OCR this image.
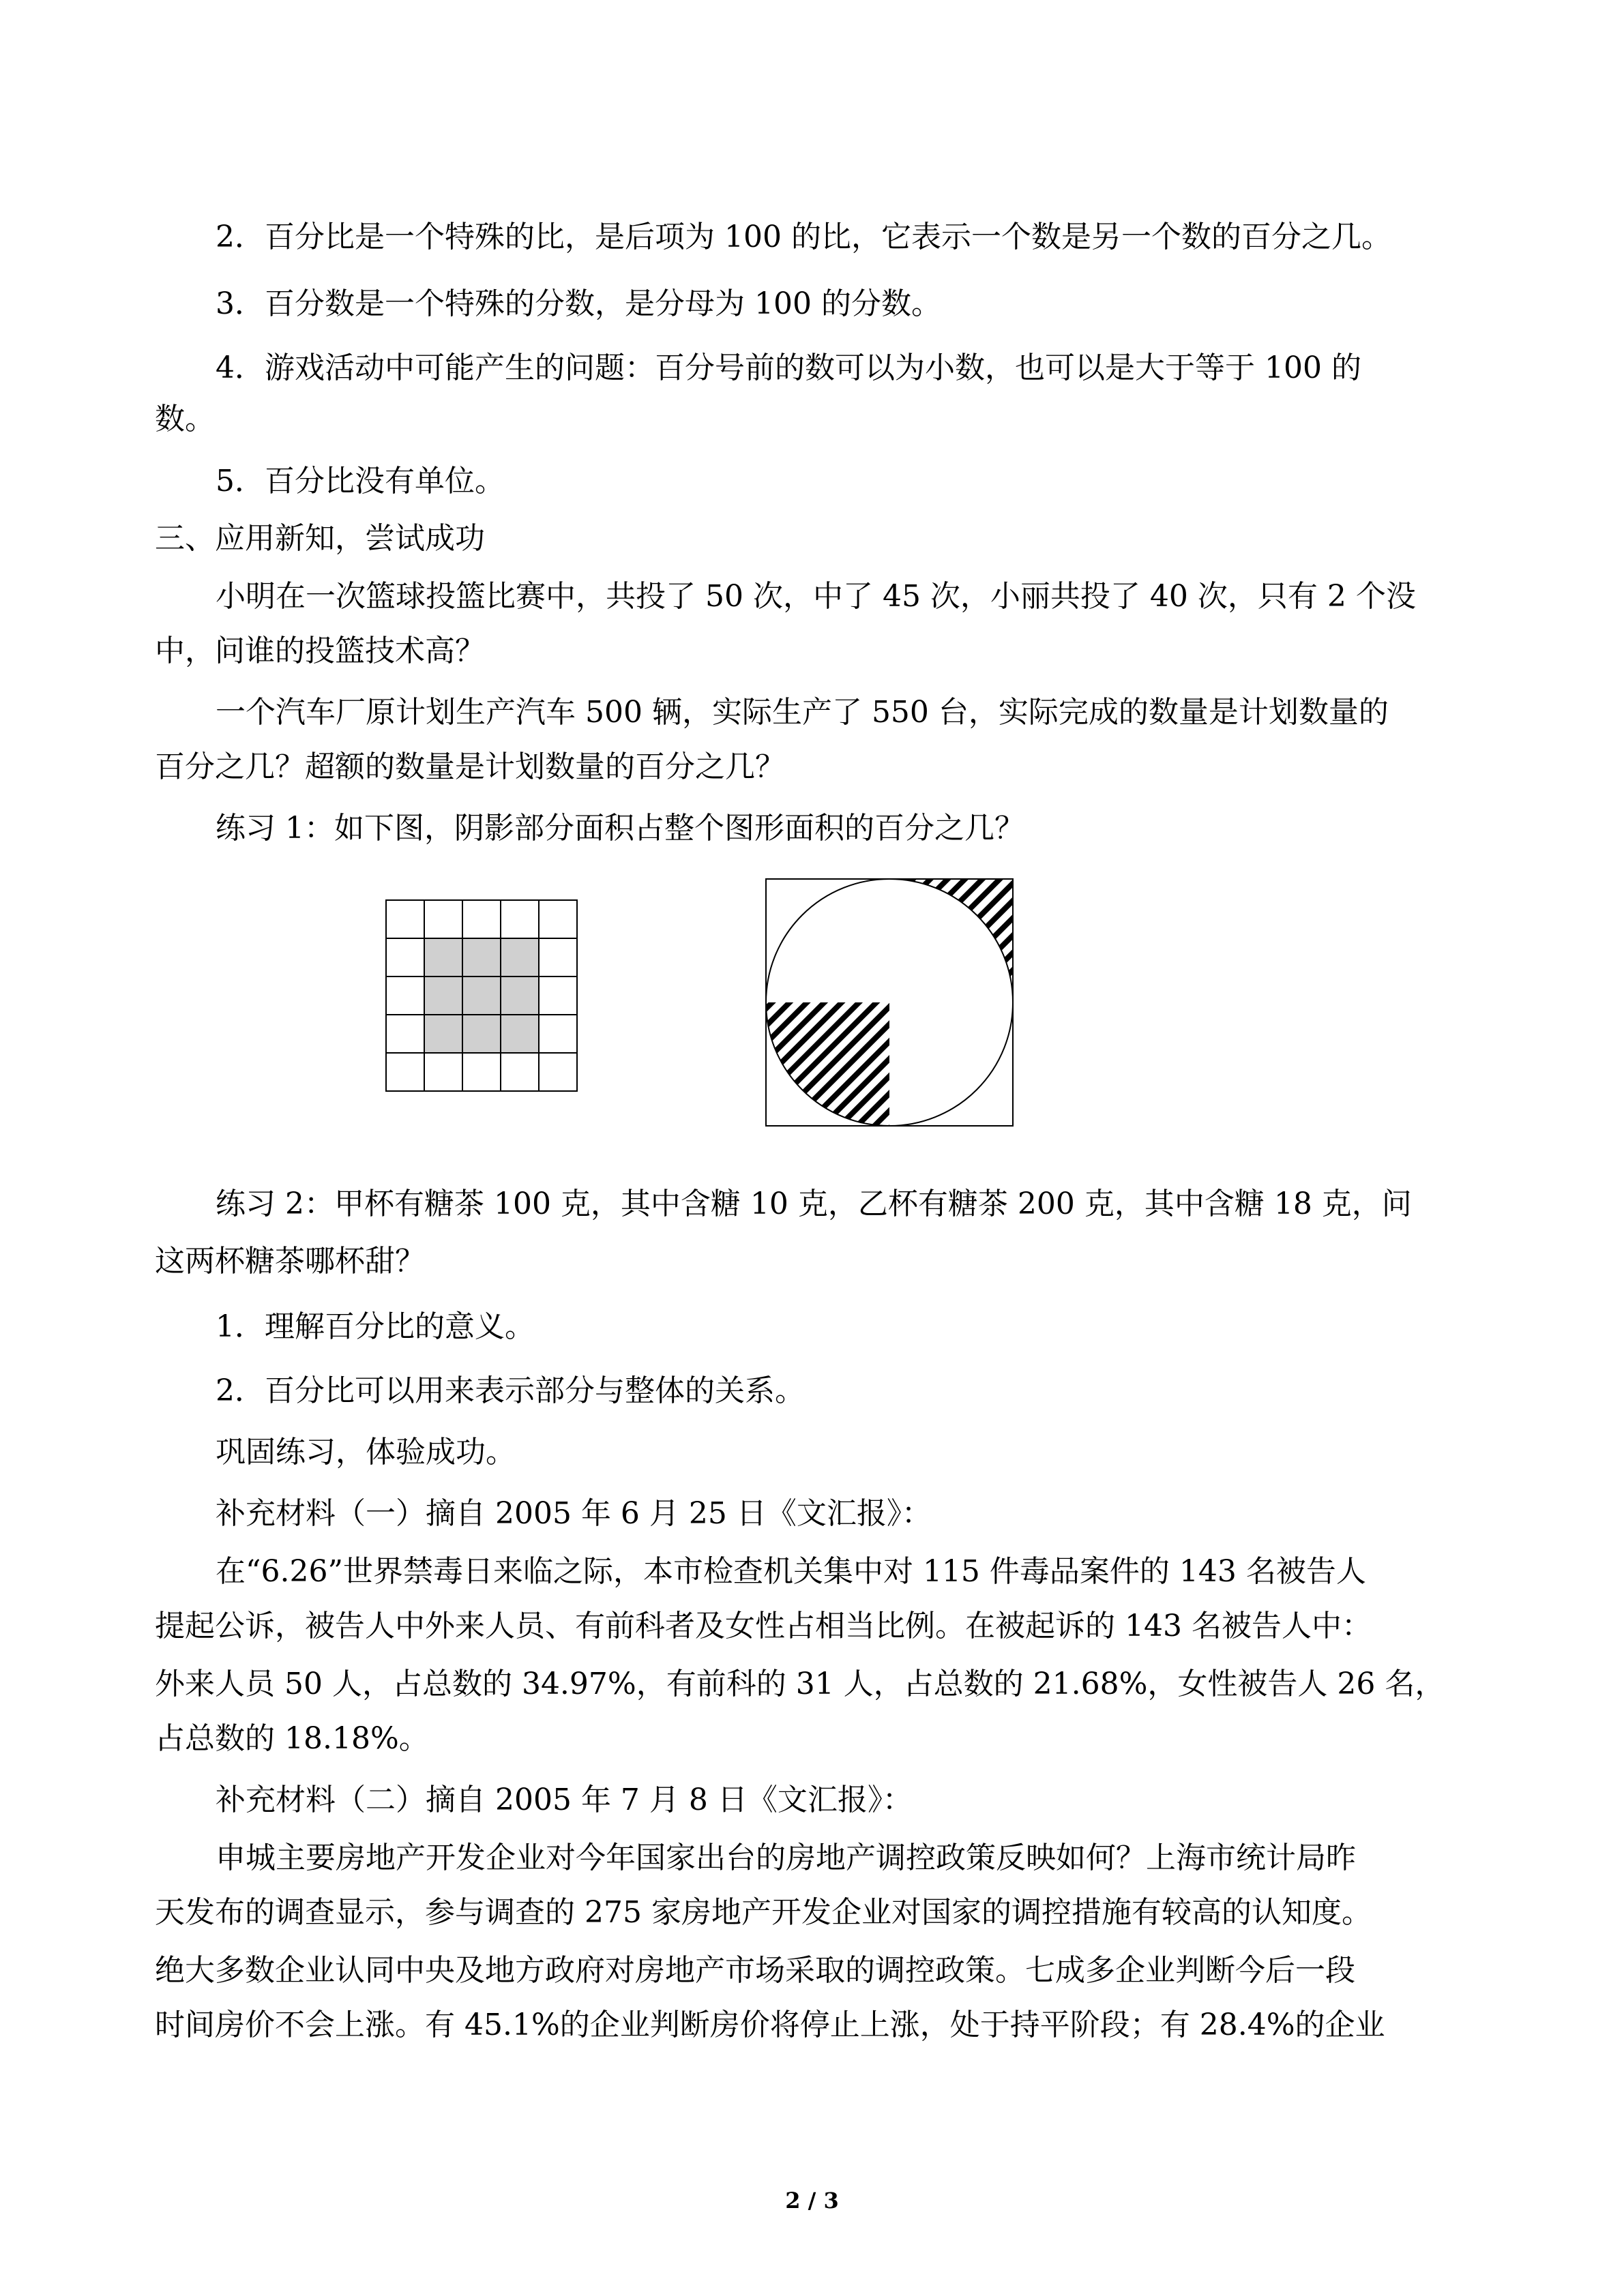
2．百分比是一个特殊的比，是后项为 100 的比，它表示一个数是另一个数的百分之几。
3．百分数是一个特殊的分数，是分母为 100 的分数。
4．游戏活动中可能产生的问题：百分号前的数可以为小数，也可以是大于等于 100 的
数。
5．百分比没有单位。
三、应用新知，尝试成功
小明在一次篮球投篮比赛中，共投了 50 次，中了 45 次，小丽共投了 40 次，只有 2 个没
中，问谁的投篮技术高？
一个汽车厂原计划生产汽车 500 辆，实际生产了 550 台，实际完成的数量是计划数量的
百分之几？超额的数量是计划数量的百分之几？
练习 1：如下图，阴影部分面积占整个图形面积的百分之几？
练习 2：甲杯有糖茶 100 克，其中含糖 10 克，乙杯有糖茶 200 克，其中含糖 18 克，问
这两杯糖茶哪杯甜？
1．理解百分比的意义。
2．百分比可以用来表示部分与整体的关系。
巩固练习，体验成功。
补充材料（一）摘自 2005 年 6 月 25 日《文汇报》：
在“6.26”世界禁毒日来临之际，本市检查机关集中对 115 件毒品案件的 143 名被告人
提起公诉，被告人中外来人员、有前科者及女性占相当比例。在被起诉的 143 名被告人中：
外来人员 50 人，占总数的 34.97%，有前科的 31 人，占总数的 21.68%，女性被告人 26 名，
占总数的 18.18%。
补充材料（二）摘自 2005 年 7 月 8 日《文汇报》：
申城主要房地产开发企业对今年国家出台的房地产调控政策反映如何？上海市统计局昨
天发布的调查显示，参与调查的 275 家房地产开发企业对国家的调控措施有较高的认知度。
绝大多数企业认同中央及地方政府对房地产市场采取的调控政策。七成多企业判断今后一段
时间房价不会上涨。有 45.1%的企业判断房价将停止上涨，处于持平阶段；有 28.4%的企业
2 / 3
